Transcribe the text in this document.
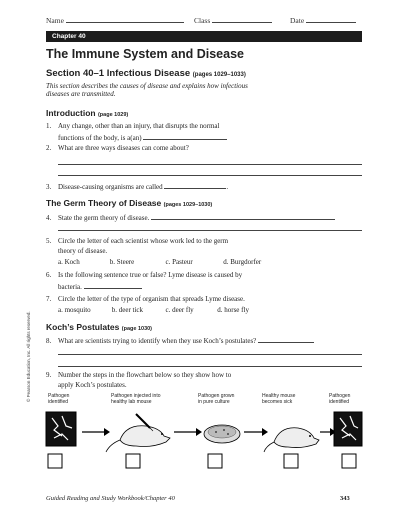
Name	Class	Date
Chapter 40
The Immune System and Disease
Section 40–1 Infectious Disease (pages 1029–1033)
This section describes the causes of disease and explains how infectious diseases are transmitted.
Introduction (page 1029)
1. Any change, other than an injury, that disrupts the normal
functions of the body, is a(an)
2. What are three ways diseases can come about?
3. Disease-causing organisms are called	.
The Germ Theory of Disease (pages 1029–1030)
4. State the germ theory of disease.
5. Circle the letter of each scientist whose work led to the germ
theory of disease.
a. Koch	b. Steere	c. Pasteur	d. Burgdorfer
6. Is the following sentence true or false? Lyme disease is caused by
bacteria.
7. Circle the letter of the type of organism that spreads Lyme disease.
a. mosquito	b. deer tick	c. deer fly	d. horse fly
Koch’s Postulates (page 1030)
8. What are scientists trying to identify when they use Koch’s postulates?
9. Number the steps in the flowchart below so they show how to
apply Koch’s postulates.
© Pearson Education, Inc. All rights reserved.	Pathogen
identified
Pathogen injected into
healthy lab mouse
Pathogen grown
in pure culture
Healthy mouse
becomes sick
Pathogen
identified
Guided Reading and Study Workbook/Chapter 40	343
